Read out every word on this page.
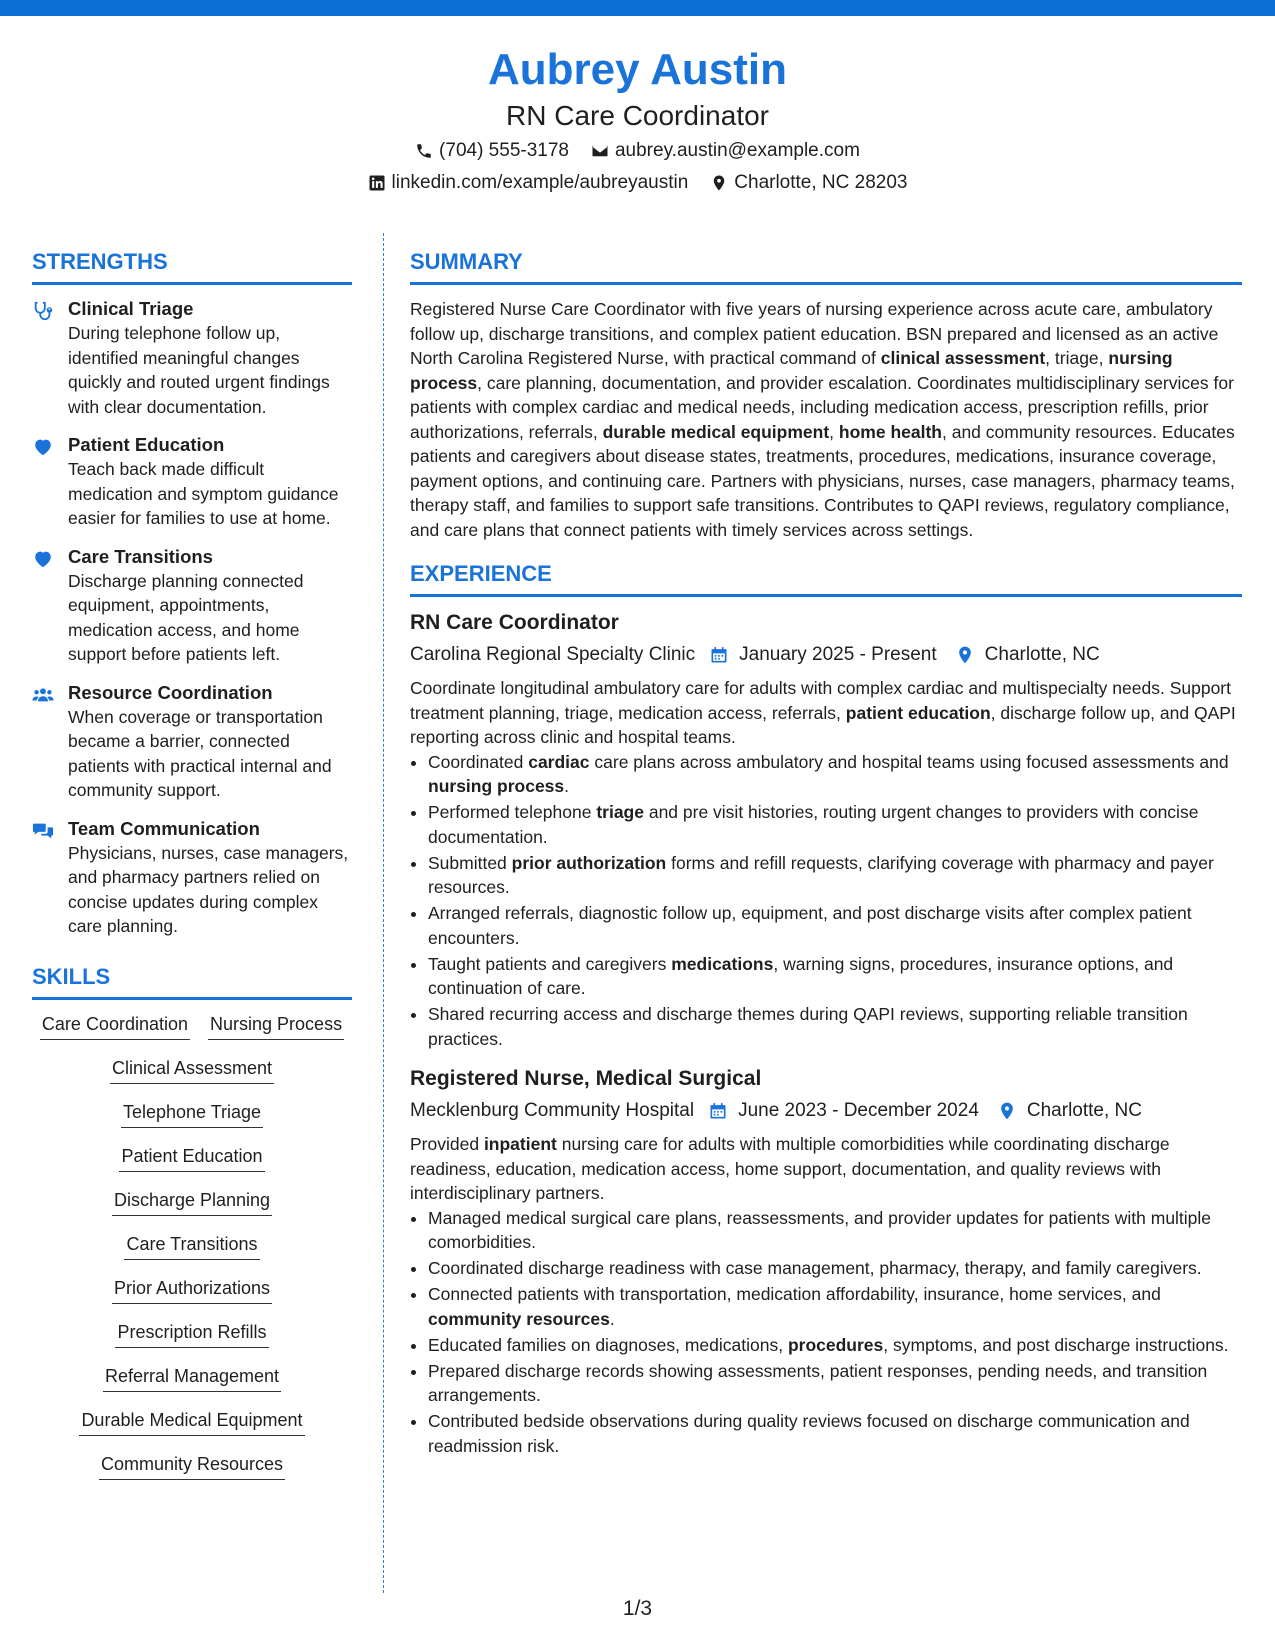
Aubrey Austin
RN Care Coordinator
(704) 555-3178 aubrey.austin@example.com
linkedin.com/example/aubreyaustin Charlotte, NC 28203
STRENGTHS
Clinical Triage
During telephone follow up, identified meaningful changes quickly and routed urgent findings with clear documentation.
Patient Education
Teach back made difficult medication and symptom guidance easier for families to use at home.
Care Transitions
Discharge planning connected equipment, appointments, medication access, and home support before patients left.
Resource Coordination
When coverage or transportation became a barrier, connected patients with practical internal and community support.
Team Communication
Physicians, nurses, case managers, and pharmacy partners relied on concise updates during complex care planning.
SKILLS
Care Coordination Nursing Process
Clinical Assessment
Telephone Triage
Patient Education
Discharge Planning
Care Transitions
Prior Authorizations
Prescription Refills
Referral Management
Durable Medical Equipment
Community Resources
SUMMARY

Registered Nurse Care Coordinator with five years of nursing experience across acute care, ambulatory follow up, discharge transitions, and complex patient education. BSN prepared and licensed as an active North Carolina Registered Nurse, with practical command of clinical assessment, triage, nursing process, care planning, documentation, and provider escalation. Coordinates multidisciplinary services for patients with complex cardiac and medical needs, including medication access, prescription refills, prior authorizations, referrals, durable medical equipment, home health, and community resources. Educates patients and caregivers about disease states, treatments, procedures, medications, insurance coverage, payment options, and continuing care. Partners with physicians, nurses, case managers, pharmacy teams, therapy staff, and families to support safe transitions. Contributes to QAPI reviews, regulatory compliance, and care plans that connect patients with timely services across settings.

EXPERIENCE
RN Care Coordinator
Carolina Regional Specialty Clinic January 2025 - Present	Charlotte, NC

Coordinate longitudinal ambulatory care for adults with complex cardiac and multispecialty needs. Support treatment planning, triage, medication access, referrals, patient education, discharge follow up, and QAPI reporting across clinic and hospital teams.

• Coordinated cardiac care plans across ambulatory and hospital teams using focused assessments and nursing process.
• Performed telephone triage and pre visit histories, routing urgent changes to providers with concise documentation.
• Submitted prior authorization forms and refill requests, clarifying coverage with pharmacy and payer resources.
• Arranged referrals, diagnostic follow up, equipment, and post discharge visits after complex patient encounters.
• Taught patients and caregivers medications, warning signs, procedures, insurance options, and continuation of care.
• Shared recurring access and discharge themes during QAPI reviews, supporting reliable transition practices.
Registered Nurse, Medical Surgical
Mecklenburg Community Hospital June 2023 - December 2024	Charlotte, NC

Provided inpatient nursing care for adults with multiple comorbidities while coordinating discharge readiness, education, medication access, home support, documentation, and quality reviews with interdisciplinary partners.

• Managed medical surgical care plans, reassessments, and provider updates for patients with multiple comorbidities.
• Coordinated discharge readiness with case management, pharmacy, therapy, and family caregivers.
• Connected patients with transportation, medication affordability, insurance, home services, and community resources.
• Educated families on diagnoses, medications, procedures, symptoms, and post discharge instructions.
• Prepared discharge records showing assessments, patient responses, pending needs, and transition arrangements.
• Contributed bedside observations during quality reviews focused on discharge communication and readmission risk.
1/3
